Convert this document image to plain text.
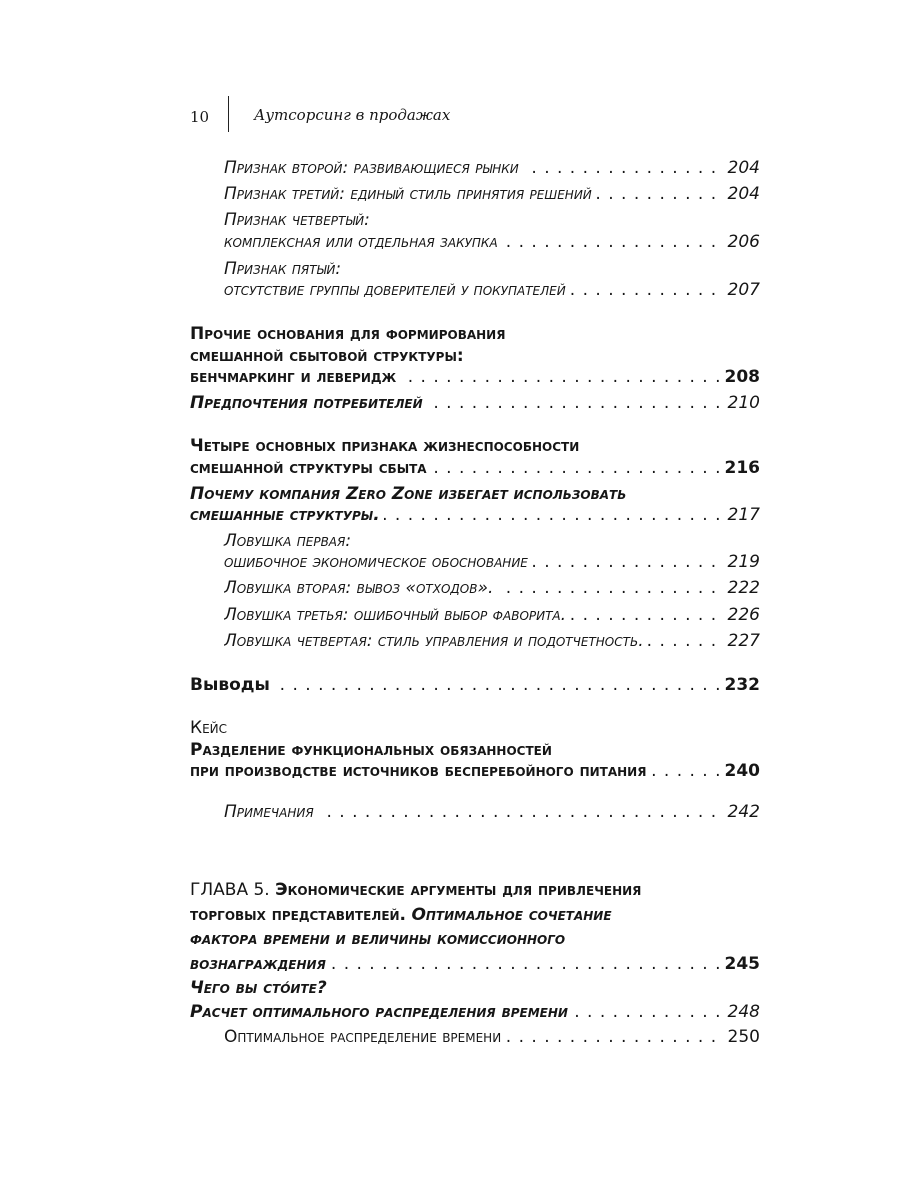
10	Аутсорсинг в продажах
Признак второй: развивающиеся рынки	204
. . .
Признак третий: единый стиль принятия решений	204
. . .
Признак четвертый:
комплексная или отдельная закупка	206
. . .
Признак пятый:
отсутствие группы доверителей у покупателей	207
. . .
Прочие основания для формирования
смешанной сбытовой структуры:
бенчмаркинг и леверидж	208
. . .
Предпочтения потребителей	210
. . .
Четыре основных признака жизнеспособности
смешанной структуры сбыта	216
. . .
Почему компания Zero Zone избегает использовать
смешанные структуры.	217
. . .
Ловушка первая:
ошибочное экономическое обоснование	219
. . .
Ловушка вторая: вывоз «отходов».	222
. . .
Ловушка третья: ошибочный выбор фаворита.	226
. . .
Ловушка четвертая: стиль управления и подотчетность.	227
. . .
Выводы	232
. . .
Кейс
Разделение функциональных обязанностей
при производстве источников бесперебойного питания	240
. . .
Примечания	242
. . .
ГЛАВА 5. Экономические аргументы для привлечения
торговых представителей. Оптимальное сочетание
фактора времени и величины комиссионного
вознаграждения	245
. . .
Чего вы сто́ите?
Расчет оптимального распределения времени	248
. . .
Оптимальное распределение времени	250
. . .
